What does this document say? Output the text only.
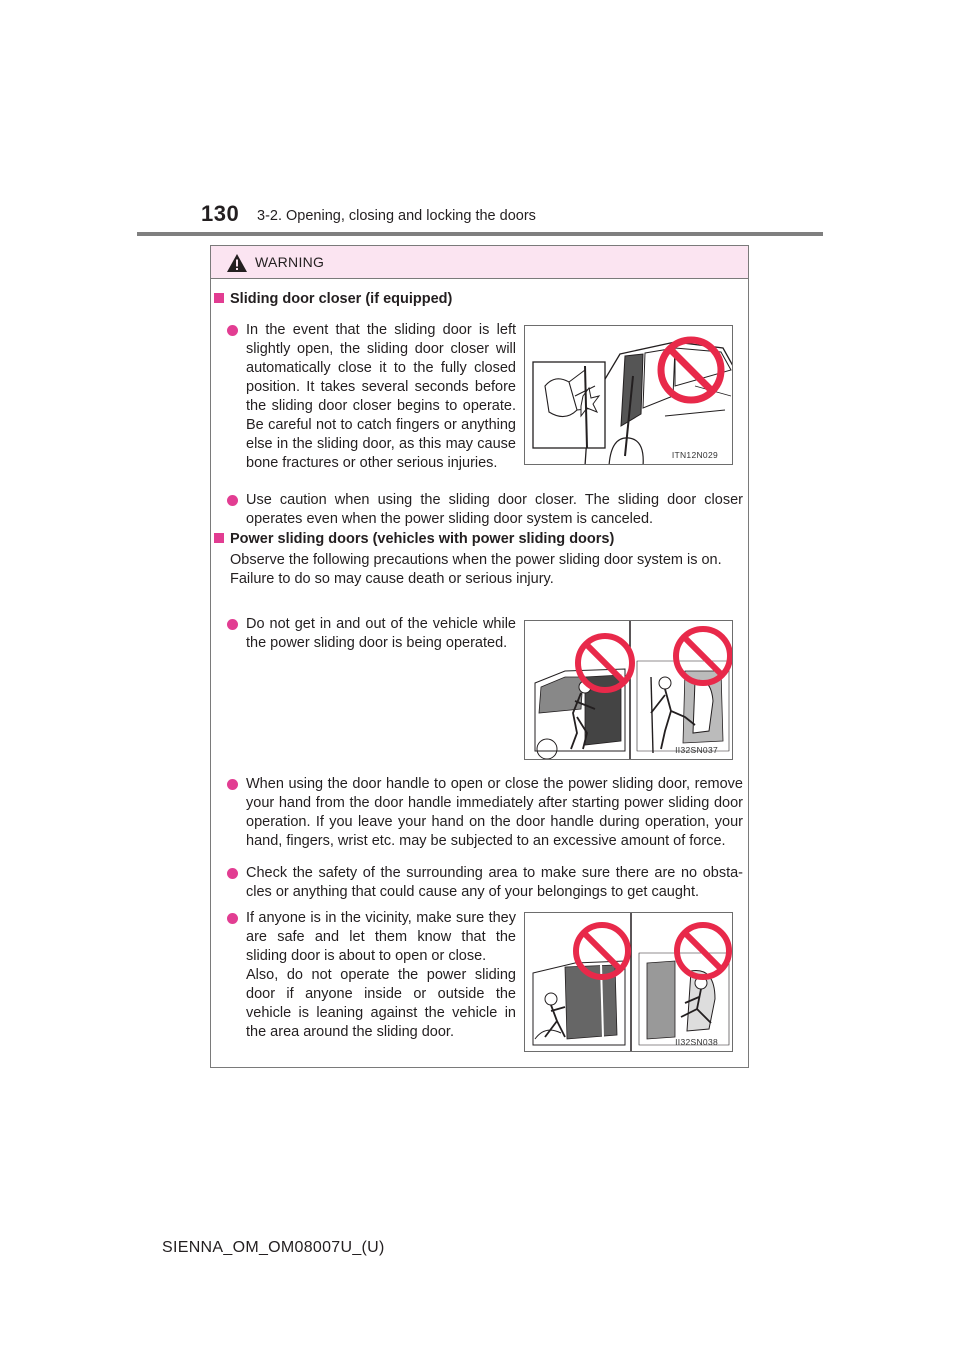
130 3-2. Opening, closing and locking the doors
WARNING
Sliding door closer (if equipped)
In the event that the sliding door is left slightly open, the sliding door closer will automatically close it to the fully closed position. It takes several seconds before the sliding door closer begins to operate. Be careful not to catch fingers or anything else in the sliding door, as this may cause bone fractures or other serious injuries.	ITN12N029
Use caution when using the sliding door closer. The sliding door closer operates even when the power sliding door system is canceled.
Power sliding doors (vehicles with power sliding doors)
Observe the following precautions when the power sliding door system is on.
Failure to do so may cause death or serious injury.
Do not get in and out of the vehicle while the power sliding door is being operated.
II32SN037
When using the door handle to open or close the power sliding door, remove your hand from the door handle immediately after starting power sliding door operation. If you leave your hand on the door handle during operation, your hand, fingers, wrist etc. may be subjected to an excessive amount of force.
Check the safety of the surrounding area to make sure there are no obsta- cles or anything that could cause any of your belongings to get caught.
If anyone is in the vicinity, make sure they are safe and let them know that the sliding door is about to open or close.
Also, do not operate the power sliding door if anyone inside or outside the vehicle is leaning against the vehicle in the area around the sliding door.
II32SN038
SIENNA_OM_OM08007U_(U)
